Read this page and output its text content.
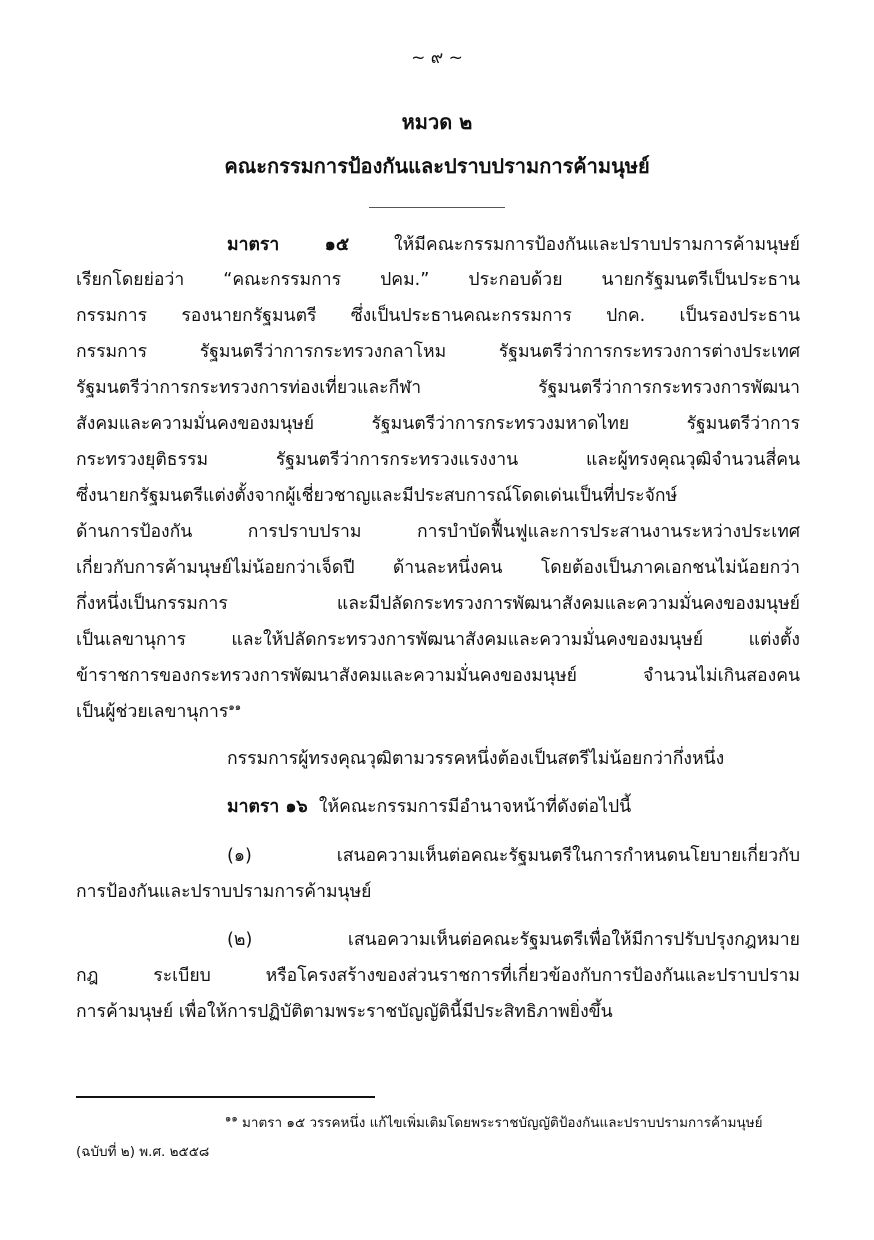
~ ๙ ~
หมวด ๒
คณะกรรมการป้องกันและปราบปรามการค้ามนุษย์
มาตรา ๑๕	ให้มีคณะกรรมการป้องกันและปราบปรามการค้ามนุษย์
เรียกโดยย่อว่า “คณะกรรมการ ปคม.” ประกอบด้วย นายกรัฐมนตรีเป็นประธาน
กรรมการ รองนายกรัฐมนตรี ซึ่งเป็นประธานคณะกรรมการ ปกค. เป็นรองประธาน
กรรมการ รัฐมนตรีว่าการกระทรวงกลาโหม รัฐมนตรีว่าการกระทรวงการต่างประเทศ
รัฐมนตรีว่าการกระทรวงการท่องเที่ยวและกีฬา รัฐมนตรีว่าการกระทรวงการพัฒนา
สังคมและความมั่นคงของมนุษย์ รัฐมนตรีว่าการกระทรวงมหาดไทย รัฐมนตรีว่าการ
กระทรวงยุติธรรม รัฐมนตรีว่าการกระทรวงแรงงาน และผู้ทรงคุณวุฒิจำนวนสี่คน
ซึ่งนายกรัฐมนตรีแต่งตั้งจากผู้เชี่ยวชาญและมีประสบการณ์โดดเด่นเป็นที่ประจักษ์
ด้านการป้องกัน การปราบปราม การบำบัดฟื้นฟูและการประสานงานระหว่างประเทศ
เกี่ยวกับการค้ามนุษย์ไม่น้อยกว่าเจ็ดปี ด้านละหนึ่งคน โดยต้องเป็นภาคเอกชนไม่น้อยกว่า
กึ่งหนึ่งเป็นกรรมการ และมีปลัดกระทรวงการพัฒนาสังคมและความมั่นคงของมนุษย์
เป็นเลขานุการ และให้ปลัดกระทรวงการพัฒนาสังคมและความมั่นคงของมนุษย์ แต่งตั้ง
ข้าราชการของกระทรวงการพัฒนาสังคมและความมั่นคงของมนุษย์ จำนวนไม่เกินสองคน
เป็นผู้ช่วยเลขานุการ$^{๑๑}$
กรรมการผู้ทรงคุณวุฒิตามวรรคหนึ่งต้องเป็นสตรีไม่น้อยกว่ากึ่งหนึ่ง
มาตรา ๑๖ ให้คณะกรรมการมีอำนาจหน้าที่ดังต่อไปนี้
(๑) เสนอความเห็นต่อคณะรัฐมนตรีในการกำหนดนโยบายเกี่ยวกับ
การป้องกันและปราบปรามการค้ามนุษย์
(๒) เสนอความเห็นต่อคณะรัฐมนตรีเพื่อให้มีการปรับปรุงกฎหมาย
กฎ ระเบียบ หรือโครงสร้างของส่วนราชการที่เกี่ยวข้องกับการป้องกันและปราบปราม
การค้ามนุษย์ เพื่อให้การปฏิบัติตามพระราชบัญญัตินี้มีประสิทธิภาพยิ่งขึ้น
$^{๑๑}$ มาตรา ๑๕ วรรคหนึ่ง แก้ไขเพิ่มเติมโดยพระราชบัญญัติป้องกันและปราบปรามการค้ามนุษย์
(ฉบับที่ ๒) พ.ศ. ๒๕๕๘
